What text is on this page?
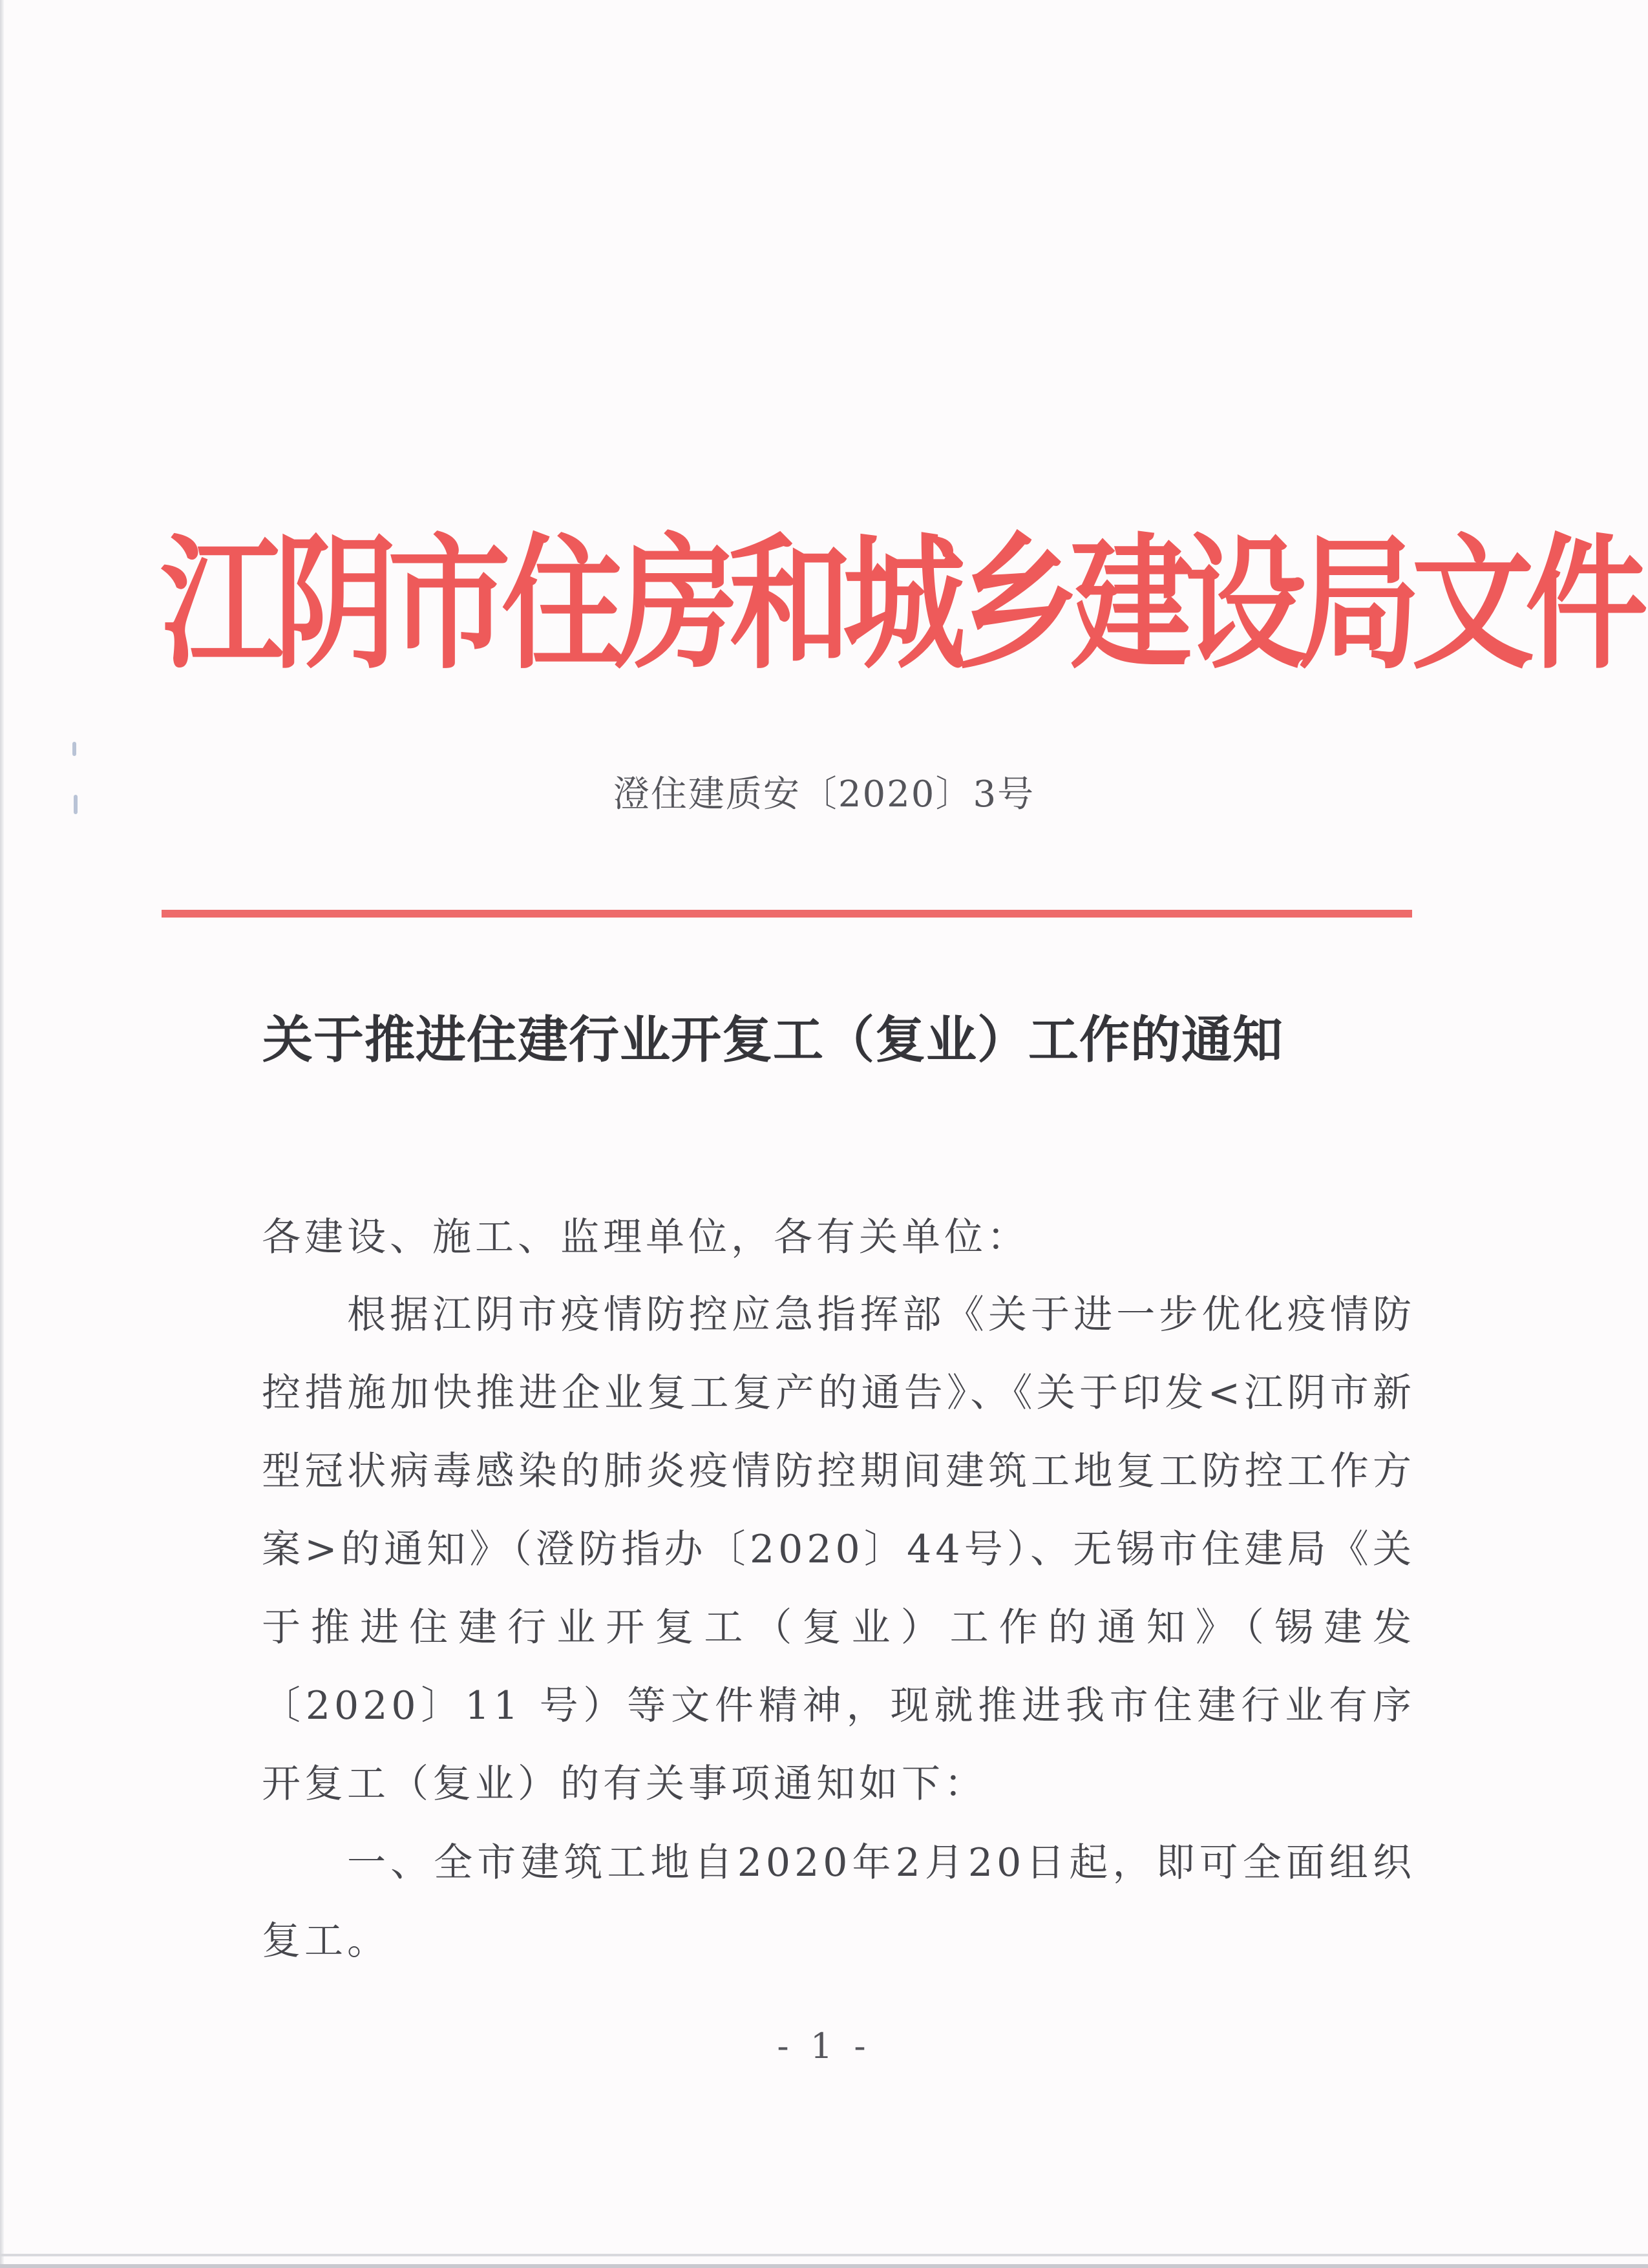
江阴市住房和城乡建设局文件
澄住建质安〔2020〕3号
关于推进住建行业开复工（复业）工作的通知

各建设、施工、监理单位，各有关单位：

根据江阴市疫情防控应急指挥部《关于进一步优化疫情防控措施加快推进企业复工复产的通告》、《关于印发<江阴市新型冠状病毒感染的肺炎疫情防控期间建筑工地复工防控工作方案>的通知》（澄防指办〔2020〕44号）、无锡市住建局《关于推进住建行业开复工（复业）工作的通知》（锡建发〔2020〕11 号）等文件精神，现就推进我市住建行业有序开复工（复业）的有关事项通知如下：

一、全市建筑工地自2020年2月20日起，即可全面组织复工。

- 1 -
